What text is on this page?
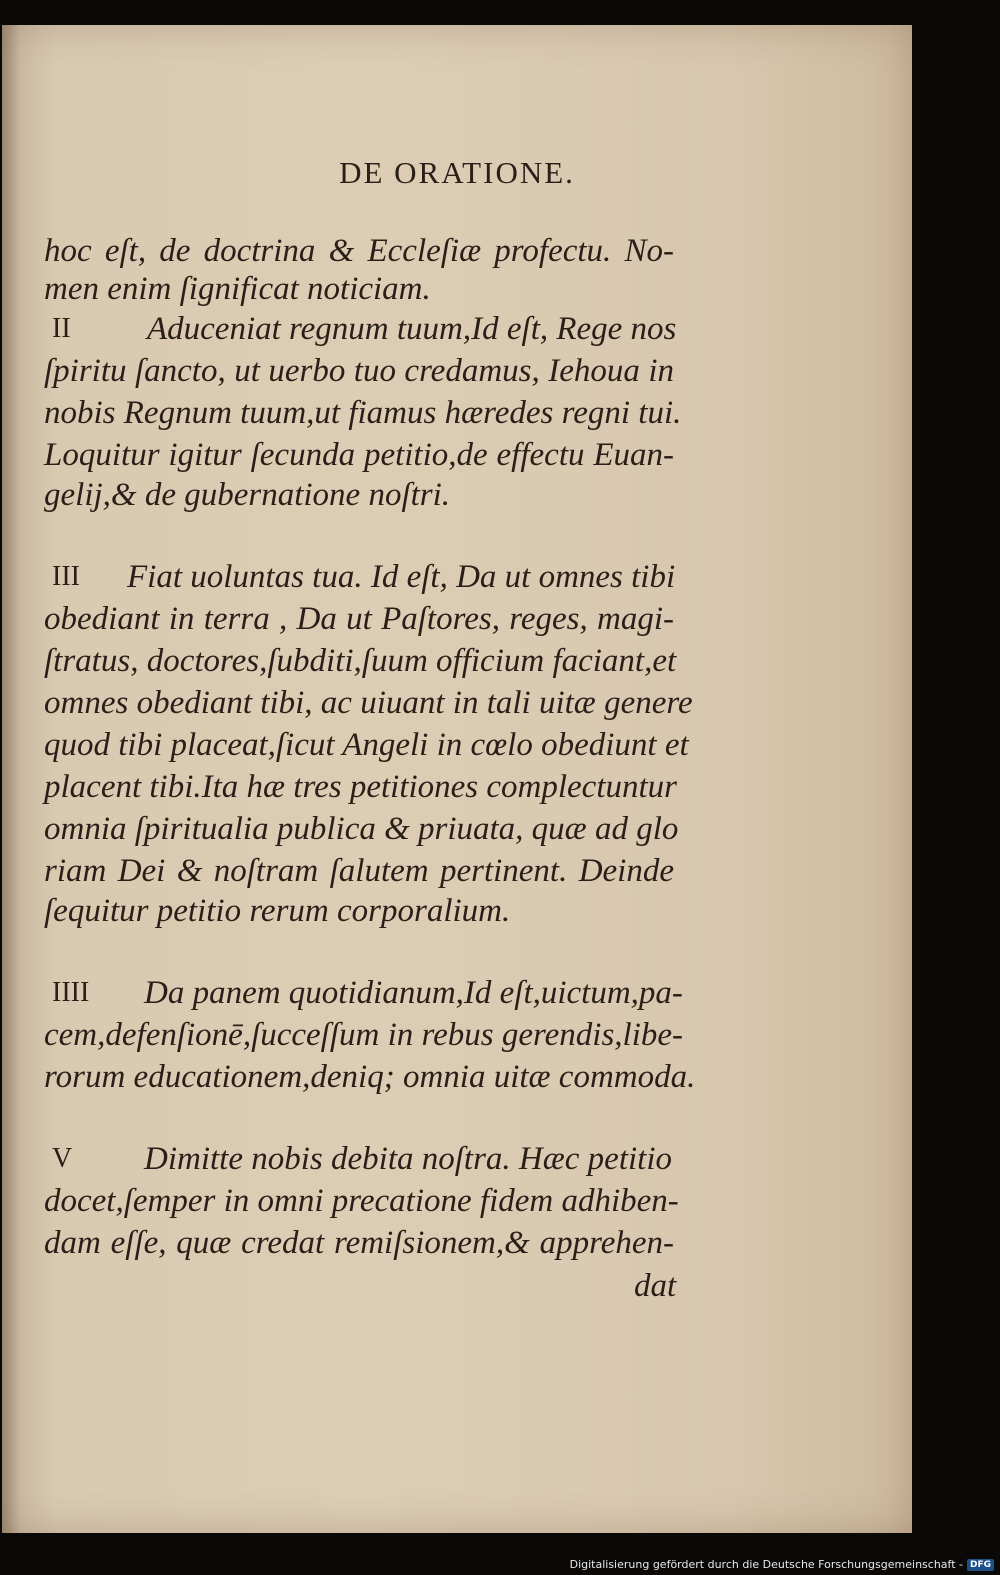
DE ORATIONE.
hoc eſt, de doctrina & Eccleſiæ profectu. No-
men enim ſignificat noticiam.
II Aduceniat regnum tuum,Id eſt, Rege nos
ſpiritu ſancto, ut uerbo tuo credamus, Iehoua in
nobis Regnum tuum,ut fiamus hæredes regni tui.
Loquitur igitur ſecunda petitio,de effectu Euan-
gelij,& de gubernatione noſtri.
III Fiat uoluntas tua. Id eſt, Da ut omnes tibi
obediant in terra , Da ut Paſtores, reges, magi-
ſtratus, doctores,ſubditi,ſuum officium faciant,et
omnes obediant tibi, ac uiuant in tali uitæ genere
quod tibi placeat,ſicut Angeli in cœlo obediunt et
placent tibi.Ita hæ tres petitiones complectuntur
omnia ſpiritualia publica & priuata, quæ ad glo
riam Dei & noſtram ſalutem pertinent. Deinde
ſequitur petitio rerum corporalium.
IIII Da panem quotidianum,Id eſt,uictum,pa-
cem,defenſionē,ſucceſſum in rebus gerendis,libe-
rorum educationem,deniq; omnia uitæ commoda.
V Dimitte nobis debita noſtra. Hæc petitio
docet,ſemper in omni precatione fidem adhiben-
dam eſſe, quæ credat remiſsionem,& apprehen-
dat
Digitalisierung gefördert durch die Deutsche Forschungsgemeinschaft - DFG
